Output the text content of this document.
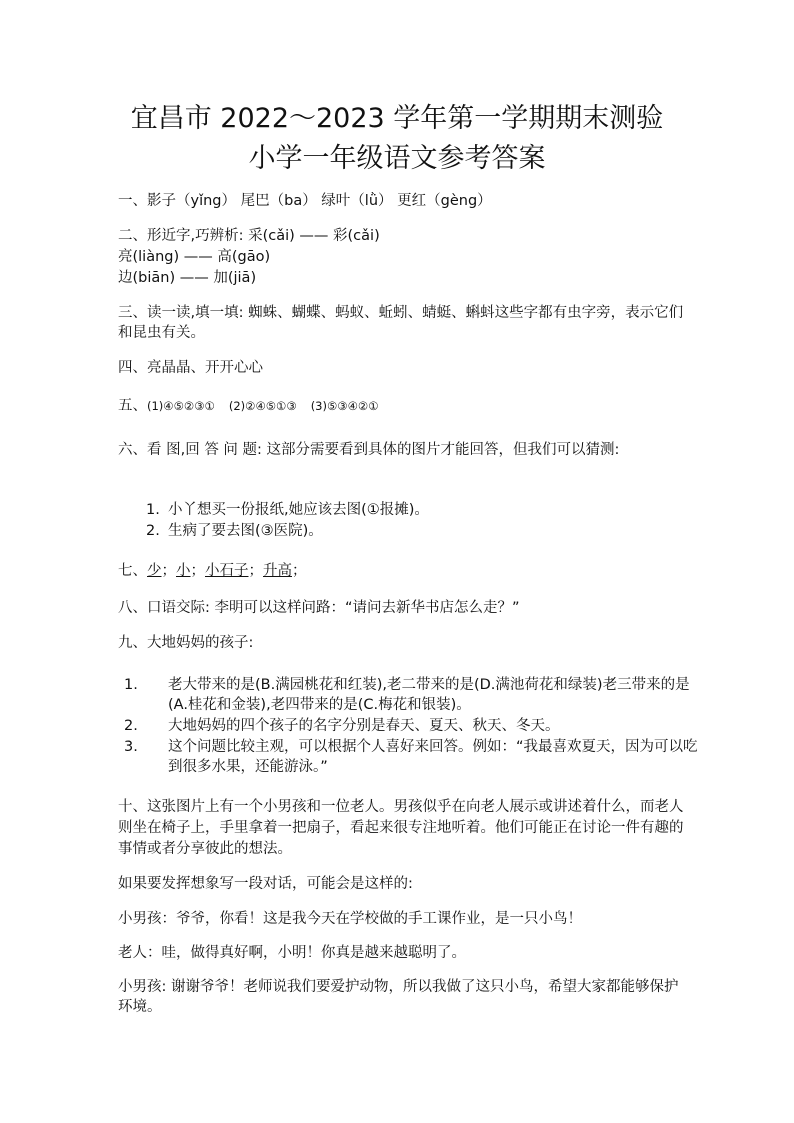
宜昌市 2022～2023 学年第一学期期末测验
小学一年级语文参考答案
一、影子（yǐng） 尾巴（ba） 绿叶（lǜ） 更红（gèng）
二、形近字,巧辨析: 采(cǎi) —— 彩(cǎi)
亮(liàng) —— 高(gāo)
边(biān) —— 加(jiā)
三、读一读,填一填: 蜘蛛、蝴蝶、蚂蚁、蚯蚓、蜻蜓、蝌蚪这些字都有虫字旁，表示它们和昆虫有关。
四、亮晶晶、开开心心
五、(1)④⑤②③① (2)②④⑤①③ (3)⑤③④②①
六、看 图,回 答 问 题: 这部分需要看到具体的图片才能回答，但我们可以猜测:
1. 小丫想买一份报纸,她应该去图(①报摊)。
2. 生病了要去图(③医院)。
七、少；小；小石子；升高；
八、口语交际: 李明可以这样问路：“请问去新华书店怎么走？”
九、大地妈妈的孩子:
1. 老大带来的是(B.满园桃花和红装),老二带来的是(D.满池荷花和绿装)老三带来的是(A.桂花和金装),老四带来的是(C.梅花和银装)。
2. 大地妈妈的四个孩子的名字分别是春天、夏天、秋天、冬天。
3. 这个问题比较主观，可以根据个人喜好来回答。例如：“我最喜欢夏天，因为可以吃到很多水果，还能游泳。”
十、这张图片上有一个小男孩和一位老人。男孩似乎在向老人展示或讲述着什么，而老人则坐在椅子上，手里拿着一把扇子，看起来很专注地听着。他们可能正在讨论一件有趣的事情或者分享彼此的想法。
如果要发挥想象写一段对话，可能会是这样的:
小男孩：爷爷，你看！这是我今天在学校做的手工课作业，是一只小鸟！
老人：哇，做得真好啊，小明！你真是越来越聪明了。
小男孩: 谢谢爷爷！老师说我们要爱护动物，所以我做了这只小鸟，希望大家都能够保护环境。
